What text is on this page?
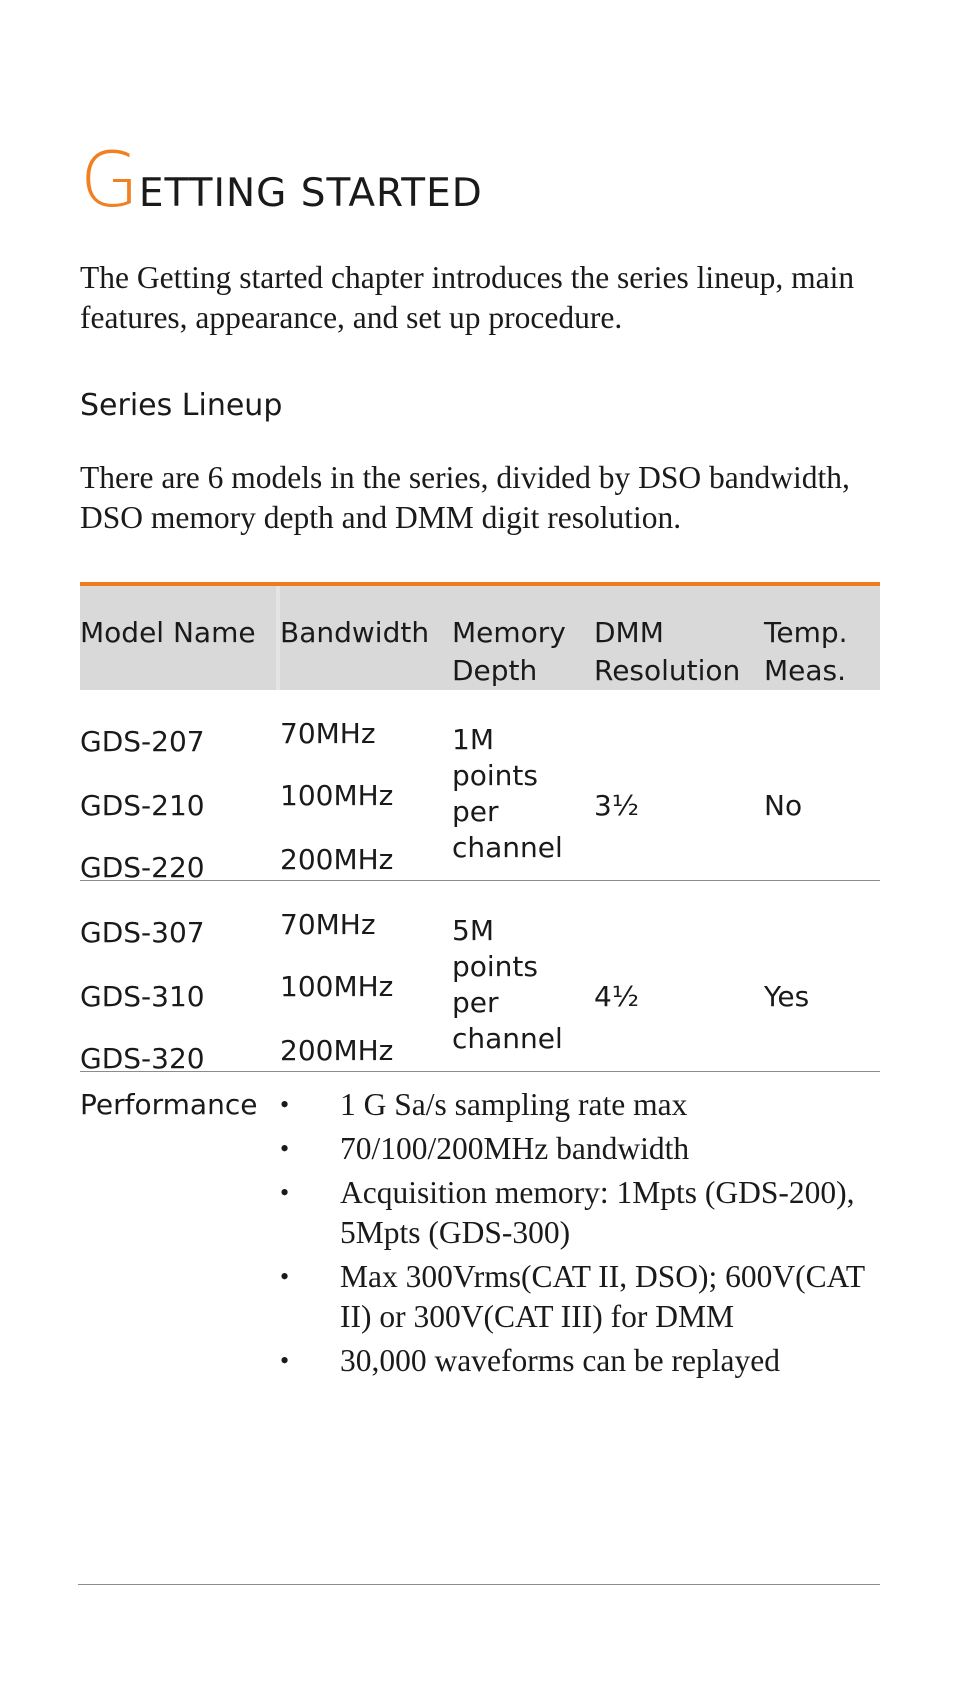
GETTING STARTED

The Getting started chapter introduces the series lineup, main features, appearance, and set up procedure.

Series Lineup

There are 6 models in the series, divided by DSO bandwidth, DSO memory depth and DMM digit resolution.

Model Name Bandwidth Memory
Depth
DMM
Resolution
Temp.
Meas.
GDS-207
GDS-210
GDS-220
70MHz
100MHz
200MHz
1M
points
per
channel
3½	No
GDS-307
GDS-310
GDS-320
70MHz
100MHz
200MHz
5M
points
per
channel
4½	Yes
Performance • 1 G Sa/s sampling rate max
• 70/100/200MHz bandwidth
• Acquisition memory: 1Mpts (GDS-200), 5Mpts (GDS-300)
• Max 300Vrms(CAT II, DSO); 600V(CAT II) or 300V(CAT III) for DMM
• 30,000 waveforms can be replayed
